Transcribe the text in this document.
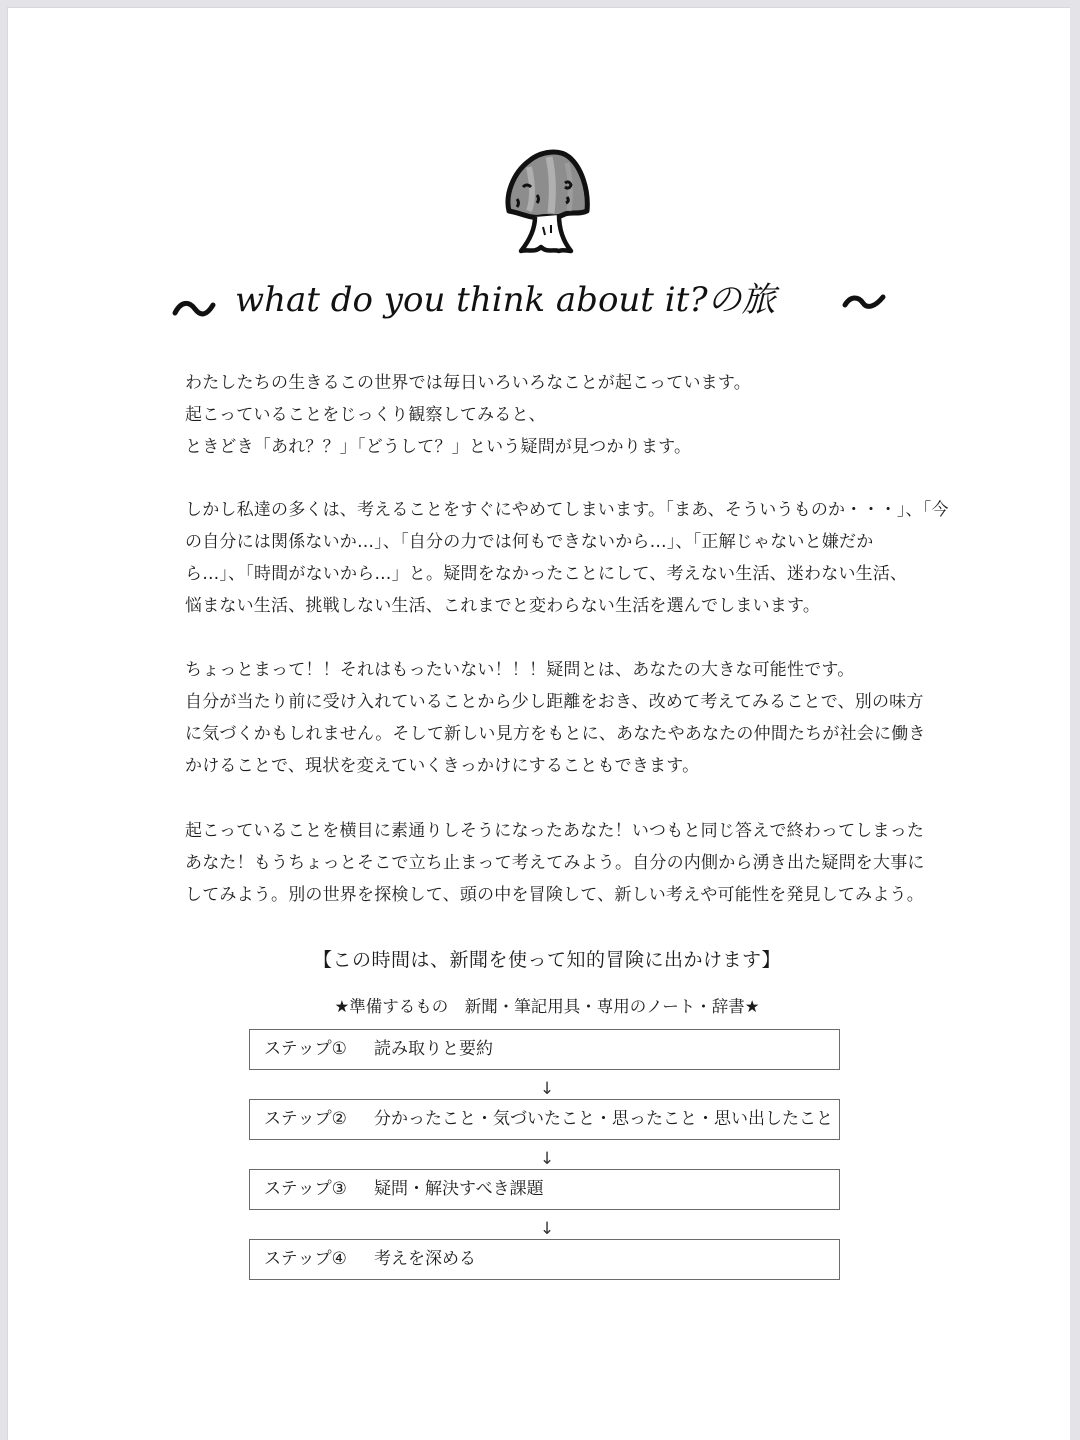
what do you think about it?の旅
わたしたちの生きるこの世界では毎日いろいろなことが起こっています。
起こっていることをじっくり観察してみると、
ときどき「あれ？？」「どうして？」という疑問が見つかります。
しかし私達の多くは、考えることをすぐにやめてしまいます。「まあ、そういうものか・・・」、「今
の自分には関係ないか…」、「自分の力では何もできないから…」、「正解じゃないと嫌だか
ら…」、「時間がないから…」と。疑問をなかったことにして、考えない生活、迷わない生活、
悩まない生活、挑戦しない生活、これまでと変わらない生活を選んでしまいます。
ちょっとまって！！それはもったいない！！！疑問とは、あなたの大きな可能性です。
自分が当たり前に受け入れていることから少し距離をおき、改めて考えてみることで、別の味方
に気づくかもしれません。そして新しい見方をもとに、あなたやあなたの仲間たちが社会に働き
かけることで、現状を変えていくきっかけにすることもできます。
起こっていることを横目に素通りしそうになったあなた！いつもと同じ答えで終わってしまった
あなた！もうちょっとそこで立ち止まって考えてみよう。自分の内側から湧き出た疑問を大事に
してみよう。別の世界を探検して、頭の中を冒険して、新しい考えや可能性を発見してみよう。
【この時間は、新聞を使って知的冒険に出かけます】
★準備するもの　新聞・筆記用具・専用のノート・辞書★
ステップ① 読み取りと要約
↓
ステップ② 分かったこと・気づいたこと・思ったこと・思い出したこと
↓
ステップ③ 疑問・解決すべき課題
↓
ステップ④ 考えを深める
